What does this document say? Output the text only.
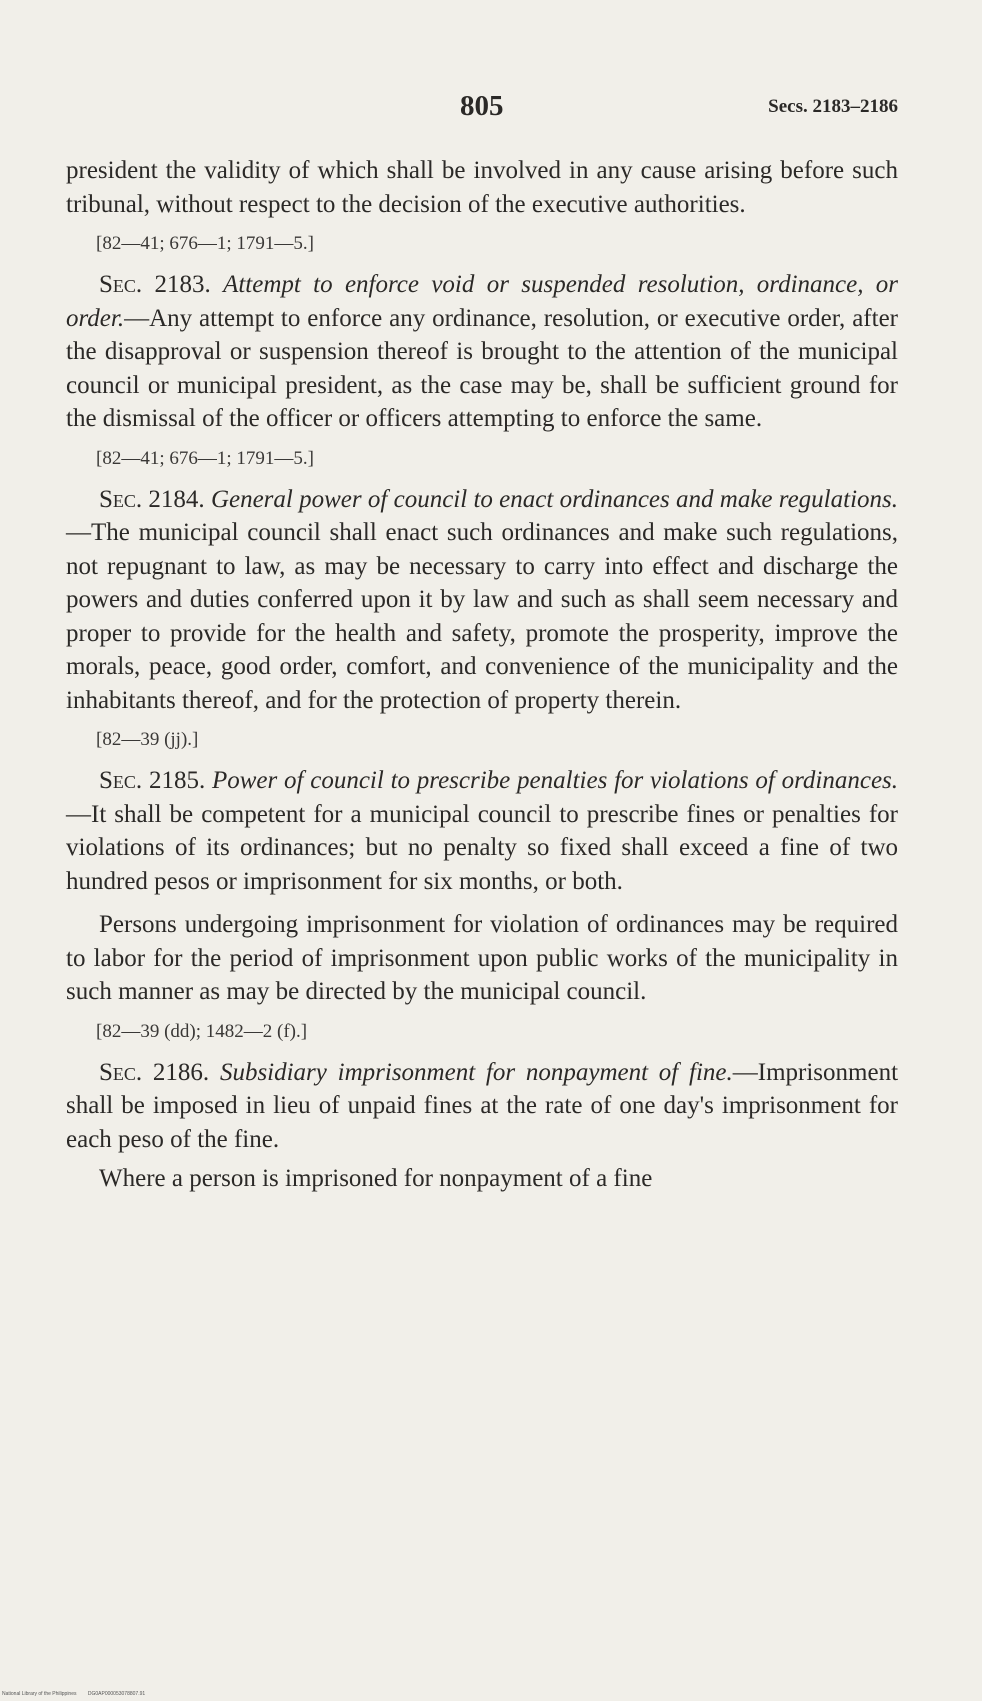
805	Secs. 2183–2186

president the validity of which shall be involved in any cause arising before such tribunal, without respect to the decision of the executive authorities.

[82—41; 676—1; 1791—5.]

Sec. 2183. Attempt to enforce void or suspended resolution, ordinance, or order.—Any attempt to enforce any ordinance, resolution, or executive order, after the disapproval or suspension thereof is brought to the attention of the municipal council or municipal president, as the case may be, shall be sufficient ground for the dismissal of the officer or officers attempting to enforce the same.

[82—41; 676—1; 1791—5.]

Sec. 2184. General power of council to enact ordinances and make regulations.—The municipal council shall enact such ordinances and make such regulations, not repugnant to law, as may be necessary to carry into effect and discharge the powers and duties conferred upon it by law and such as shall seem necessary and proper to provide for the health and safety, promote the prosperity, improve the morals, peace, good order, comfort, and convenience of the municipality and the inhabitants thereof, and for the protection of property therein.

[82—39 (jj).]

Sec. 2185. Power of council to prescribe penalties for violations of ordinances.—It shall be competent for a municipal council to prescribe fines or penalties for violations of its ordinances; but no penalty so fixed shall exceed a fine of two hundred pesos or imprisonment for six months, or both.

Persons undergoing imprisonment for violation of ordinances may be required to labor for the period of imprisonment upon public works of the municipality in such manner as may be directed by the municipal council.

[82—39 (dd); 1482—2 (f).]

Sec. 2186. Subsidiary imprisonment for nonpayment of fine.—Imprisonment shall be imposed in lieu of unpaid fines at the rate of one day's imprisonment for each peso of the fine.

Where a person is imprisoned for nonpayment of a fine

National Library of the Philippines DG0AP000053078807.91
